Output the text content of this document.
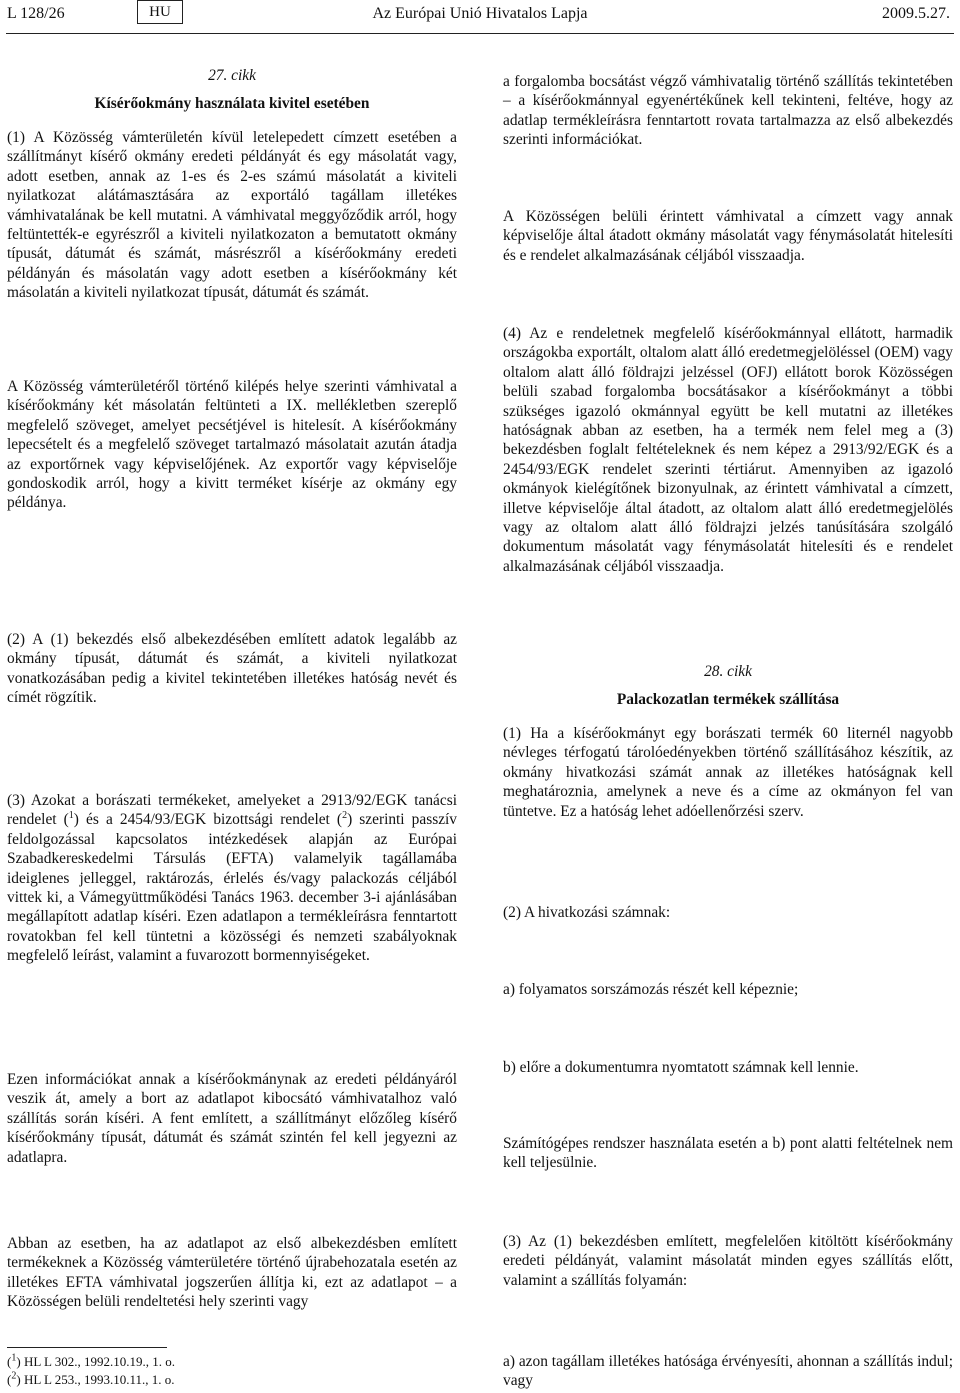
L 128/26	HU	Az Európai Unió Hivatalos Lapja	2009.5.27.
27. cikk
Kísérőokmány használata kivitel esetében

(1) A Közösség vámterületén kívül letelepedett címzett esetében a szállítmányt kísérő okmány eredeti példányát és egy másolatát vagy, adott esetben, annak az 1-es és 2-es számú másolatát a kiviteli nyilatkozat alátámasztására az exportáló tagállam illetékes vámhivatalának be kell mutatni. A vámhivatal meggyőződik arról, hogy feltüntették-e egyrészről a kiviteli nyilatkozaton a bemutatott okmány típusát, dátumát és számát, másrészről a kísérőokmány eredeti példányán és másolatán vagy adott esetben a kísérőokmány két másolatán a kiviteli nyilatkozat típusát, dátumát és számát.

A Közösség vámterületéről történő kilépés helye szerinti vámhivatal a kísérőokmány két másolatán feltünteti a IX. mellékletben szereplő megfelelő szöveget, amelyet pecsétjével is hitelesít. A kísérőokmány lepecsételt és a megfelelő szöveget tartalmazó másolatait azután átadja az exportőrnek vagy képviselőjének. Az exportőr vagy képviselője gondoskodik arról, hogy a kivitt terméket kísérje az okmány egy példánya.

(2) A (1) bekezdés első albekezdésében említett adatok legalább az okmány típusát, dátumát és számát, a kiviteli nyilatkozat vonatkozásában pedig a kivitel tekintetében illetékes hatóság nevét és címét rögzítik.

(3) Azokat a borászati termékeket, amelyeket a 2913/92/EGK tanácsi rendelet ($^1$) és a 2454/93/EGK bizottsági rendelet ($^2$) szerinti passzív feldolgozással kapcsolatos intézkedések alapján az Európai Szabadkereskedelmi Társulás (EFTA) valamelyik tagállamába ideiglenes jelleggel, raktározás, érlelés és/vagy palackozás céljából vittek ki, a Vámegyüttműködési Tanács 1963. december 3-i ajánlásában megállapított adatlap kíséri. Ezen adatlapon a termékleírásra fenntartott rovatokban fel kell tüntetni a közösségi és nemzeti szabályoknak megfelelő leírást, valamint a fuvarozott bormennyiségeket.

Ezen információkat annak a kísérőokmánynak az eredeti példányáról veszik át, amely a bort az adatlapot kibocsátó vámhivatalhoz való szállítás során kíséri. A fent említett, a szállítmányt előzőleg kísérő kísérőokmány típusát, dátumát és számát szintén fel kell jegyezni az adatlapra.

Abban az esetben, ha az adatlapot az első albekezdésben említett termékeknek a Közösség vámterületére történő újrabehozatala esetén az illetékes EFTA vámhivatal jogszerűen állítja ki, ezt az adatlapot – a Közösségen belüli rendeltetési hely szerinti vagy

a forgalomba bocsátást végző vámhivatalig történő szállítás tekintetében – a kísérőokmánnyal egyenértékűnek kell tekinteni, feltéve, hogy az adatlap termékleírásra fenntartott rovata tartalmazza az első albekezdés szerinti információkat.

A Közösségen belüli érintett vámhivatal a címzett vagy annak képviselője által átadott okmány másolatát vagy fénymásolatát hitelesíti és e rendelet alkalmazásának céljából visszaadja.

(4) Az e rendeletnek megfelelő kísérőokmánnyal ellátott, harmadik országokba exportált, oltalom alatt álló eredetmegjelöléssel (OEM) vagy oltalom alatt álló földrajzi jelzéssel (OFJ) ellátott borok Közösségen belüli szabad forgalomba bocsátásakor a kísérőokmányt a többi szükséges igazoló okmánnyal együtt be kell mutatni az illetékes hatóságnak abban az esetben, ha a termék nem felel meg a (3) bekezdésben foglalt feltételeknek és nem képez a 2913/92/EGK és a 2454/93/EGK rendelet szerinti tértiárut. Amennyiben az igazoló okmányok kielégítőnek bizonyulnak, az érintett vámhivatal a címzett, illetve képviselője által átadott, az oltalom alatt álló eredetmegjelölés vagy az oltalom alatt álló földrajzi jelzés tanúsítására szolgáló dokumentum másolatát vagy fénymásolatát hitelesíti és e rendelet alkalmazásának céljából visszaadja.

28. cikk
Palackozatlan termékek szállítása

(1) Ha a kísérőokmányt egy borászati termék 60 liternél nagyobb névleges térfogatú tárolóedényekben történő szállításához készítik, az okmány hivatkozási számát annak az illetékes hatóságnak kell meghatároznia, amelynek a neve és a címe az okmányon fel van tüntetve. Ez a hatóság lehet adóellenőrzési szerv.

(2) A hivatkozási számnak:

a) folyamatos sorszámozás részét kell képeznie;

b) előre a dokumentumra nyomtatott számnak kell lennie.

Számítógépes rendszer használata esetén a b) pont alatti feltételnek nem kell teljesülnie.

(3) Az (1) bekezdésben említett, megfelelően kitöltött kísérőokmány eredeti példányát, valamint másolatát minden egyes szállítás előtt, valamint a szállítás folyamán:

a) azon tagállam illetékes hatósága érvényesíti, ahonnan a szállítás indul; vagy

($^1$) HL L 302., 1992.10.19., 1. o.
($^2$) HL L 253., 1993.10.11., 1. o.
